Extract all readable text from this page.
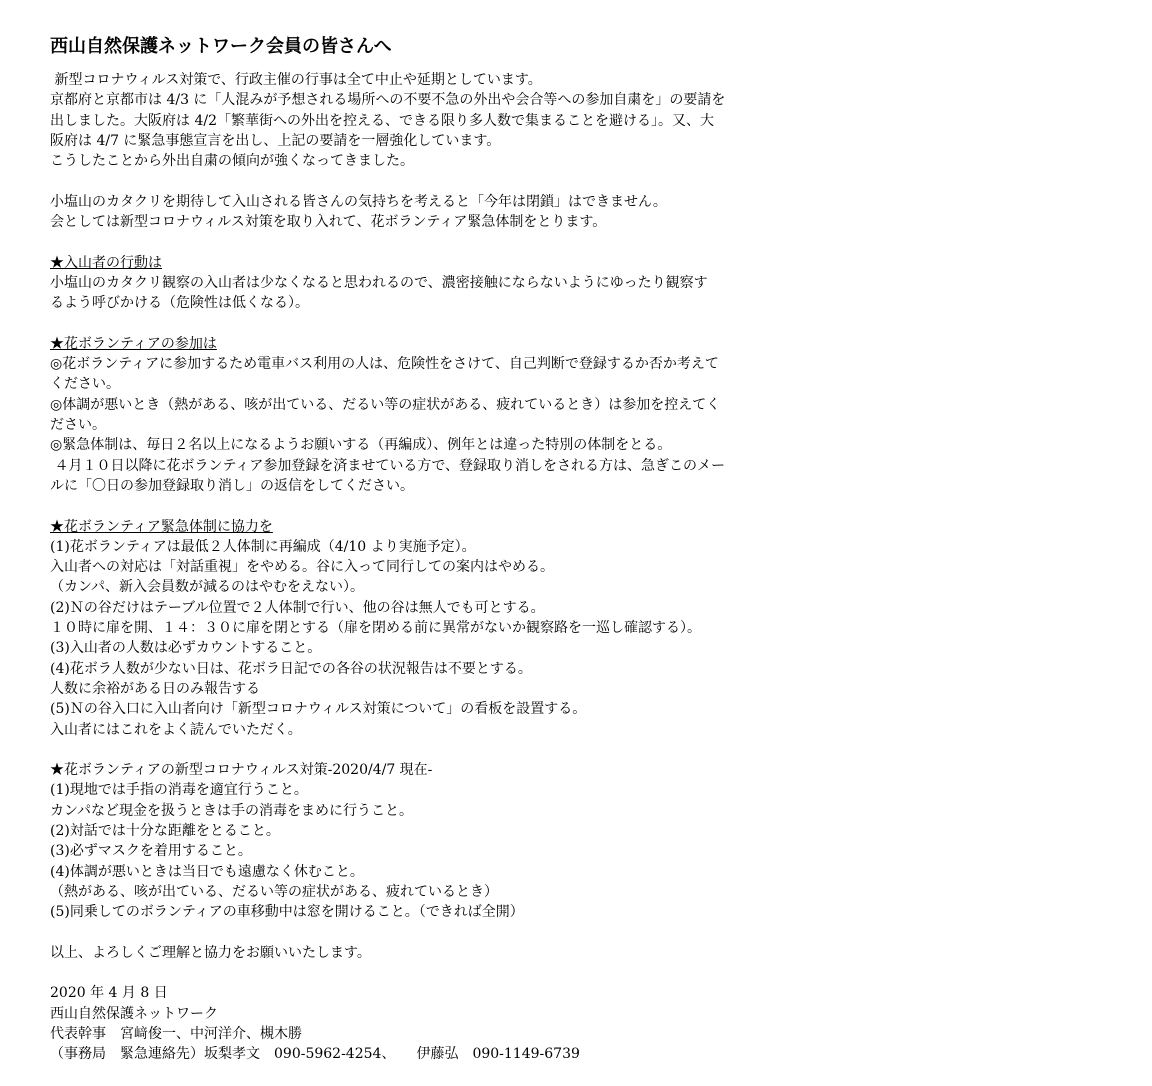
西山自然保護ネットワーク会員の皆さんへ
新型コロナウィルス対策で、行政主催の行事は全て中止や延期としています。
京都府と京都市は 4/3 に「人混みが予想される場所への不要不急の外出や会合等への参加自粛を」の要請を
出しました。大阪府は 4/2「繁華街への外出を控える、できる限り多人数で集まることを避ける」。又、大
阪府は 4/7 に緊急事態宣言を出し、上記の要請を一層強化しています。
こうしたことから外出自粛の傾向が強くなってきました。
小塩山のカタクリを期待して入山される皆さんの気持ちを考えると「今年は閉鎖」はできません。
会としては新型コロナウィルス対策を取り入れて、花ボランティア緊急体制をとります。
★入山者の行動は
小塩山のカタクリ観察の入山者は少なくなると思われるので、濃密接触にならないようにゆったり観察す
るよう呼びかける（危険性は低くなる）。
★花ボランティアの参加は
◎花ボランティアに参加するため電車バス利用の人は、危険性をさけて、自己判断で登録するか否か考えて
ください。
◎体調が悪いとき（熱がある、咳が出ている、だるい等の症状がある、疲れているとき）は参加を控えてく
ださい。
◎緊急体制は、毎日２名以上になるようお願いする（再編成）、例年とは違った特別の体制をとる。
４月１０日以降に花ボランティア参加登録を済ませている方で、登録取り消しをされる方は、急ぎこのメー
ルに「〇日の参加登録取り消し」の返信をしてください。
★花ボランティア緊急体制に協力を
(1)花ボランティアは最低２人体制に再編成（4/10 より実施予定）。
入山者への対応は「対話重視」をやめる。谷に入って同行しての案内はやめる。
（カンパ、新入会員数が減るのはやむをえない）。
(2)Ｎの谷だけはテーブル位置で２人体制で行い、他の谷は無人でも可とする。
１０時に扉を開、１４：３０に扉を閉とする（扉を閉める前に異常がないか観察路を一巡し確認する）。
(3)入山者の人数は必ずカウントすること。
(4)花ボラ人数が少ない日は、花ボラ日記での各谷の状況報告は不要とする。
人数に余裕がある日のみ報告する
(5)Ｎの谷入口に入山者向け「新型コロナウィルス対策について」の看板を設置する。
入山者にはこれをよく読んでいただく。
★花ボランティアの新型コロナウィルス対策-2020/4/7 現在-
(1)現地では手指の消毒を適宜行うこと。
カンパなど現金を扱うときは手の消毒をまめに行うこと。
(2)対話では十分な距離をとること。
(3)必ずマスクを着用すること。
(4)体調が悪いときは当日でも遠慮なく休むこと。
（熱がある、咳が出ている、だるい等の症状がある、疲れているとき）
(5)同乗してのボランティアの車移動中は窓を開けること。（できれば全開）
以上、よろしくご理解と協力をお願いいたします。
2020 年 4 月 8 日
西山自然保護ネットワーク
代表幹事　宮﨑俊一、中河洋介、槻木勝
（事務局　緊急連絡先）坂梨孝文　090-5962-4254、　　伊藤弘　090-1149-6739
